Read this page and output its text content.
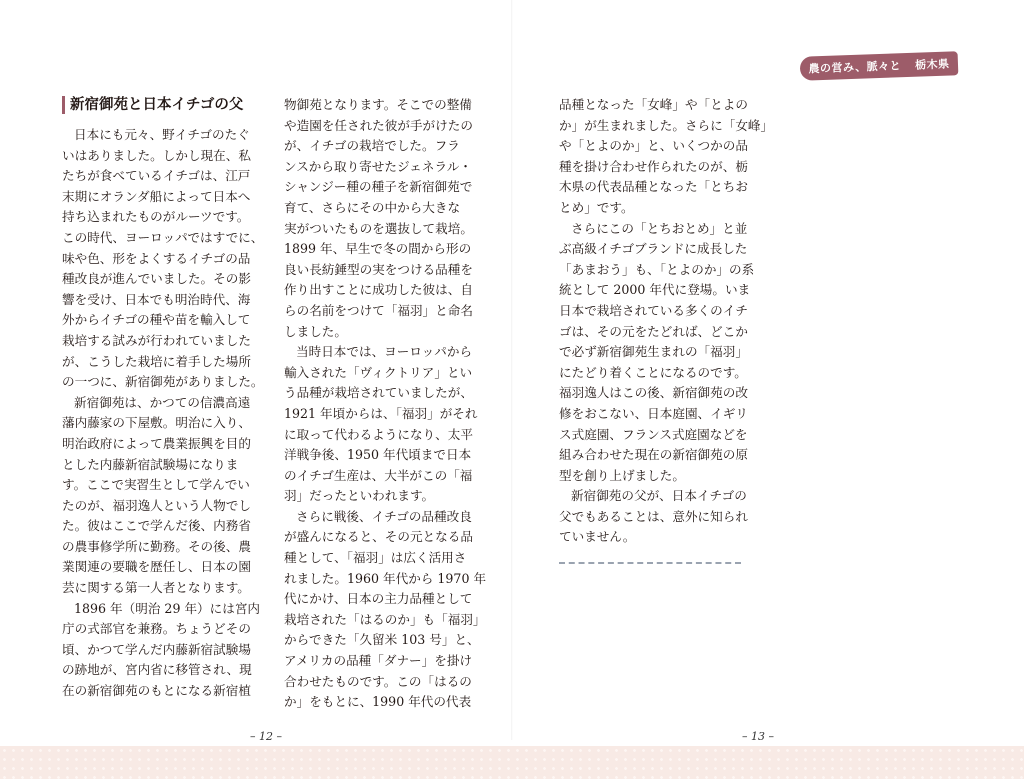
農の営み、脈々と 栃木県
新宿御苑と日本イチゴの父

日本にも元々、野イチゴのたぐ

いはありました。しかし現在、私

たちが食べているイチゴは、江戸

末期にオランダ船によって日本へ

持ち込まれたものがルーツです。

この時代、ヨーロッパではすでに、

味や色、形をよくするイチゴの品

種改良が進んでいました。その影

響を受け、日本でも明治時代、海

外からイチゴの種や苗を輸入して

栽培する試みが行われていました

が、こうした栽培に着手した場所

の一つに、新宿御苑がありました。

新宿御苑は、かつての信濃高遠

藩内藤家の下屋敷。明治に入り、

明治政府によって農業振興を目的

とした内藤新宿試験場になりま

す。ここで実習生として学んでい

たのが、福羽逸人という人物でし

た。彼はここで学んだ後、内務省

の農事修学所に勤務。その後、農

業関連の要職を歴任し、日本の園

芸に関する第一人者となります。

1896 年（明治 29 年）には宮内

庁の式部官を兼務。ちょうどその

頃、かつて学んだ内藤新宿試験場

の跡地が、宮内省に移管され、現

在の新宿御苑のもとになる新宿植

物御苑となります。そこでの整備

や造園を任された彼が手がけたの

が、イチゴの栽培でした。フラ

ンスから取り寄せたジェネラル・

シャンジー種の種子を新宿御苑で

育て、さらにその中から大きな

実がついたものを選抜して栽培。

1899 年、早生で冬の間から形の

良い長紡錘型の実をつける品種を

作り出すことに成功した彼は、自

らの名前をつけて「福羽」と命名

しました。

当時日本では、ヨーロッパから

輸入された「ヴィクトリア」とい

う品種が栽培されていましたが、

1921 年頃からは、「福羽」がそれ

に取って代わるようになり、太平

洋戦争後、1950 年代頃まで日本

のイチゴ生産は、大半がこの「福

羽」だったといわれます。

さらに戦後、イチゴの品種改良

が盛んになると、その元となる品

種として、「福羽」は広く活用さ

れました。1960 年代から 1970 年

代にかけ、日本の主力品種として

栽培された「はるのか」も「福羽」

からできた「久留米 103 号」と、

アメリカの品種「ダナー」を掛け

合わせたものです。この「はるの

か」をもとに、1990 年代の代表

品種となった「女峰」や「とよの

か」が生まれました。さらに「女峰」

や「とよのか」と、いくつかの品

種を掛け合わせ作られたのが、栃

木県の代表品種となった「とちお

とめ」です。

さらにこの「とちおとめ」と並

ぶ高級イチゴブランドに成長した

「あまおう」も、「とよのか」の系

統として 2000 年代に登場。いま

日本で栽培されている多くのイチ

ゴは、その元をたどれば、どこか

で必ず新宿御苑生まれの「福羽」

にたどり着くことになるのです。

福羽逸人はこの後、新宿御苑の改

修をおこない、日本庭園、イギリ

ス式庭園、フランス式庭園などを

組み合わせた現在の新宿御苑の原

型を創り上げました。

新宿御苑の父が、日本イチゴの

父でもあることは、意外に知られ

ていません。

– 12 –	– 13 –
